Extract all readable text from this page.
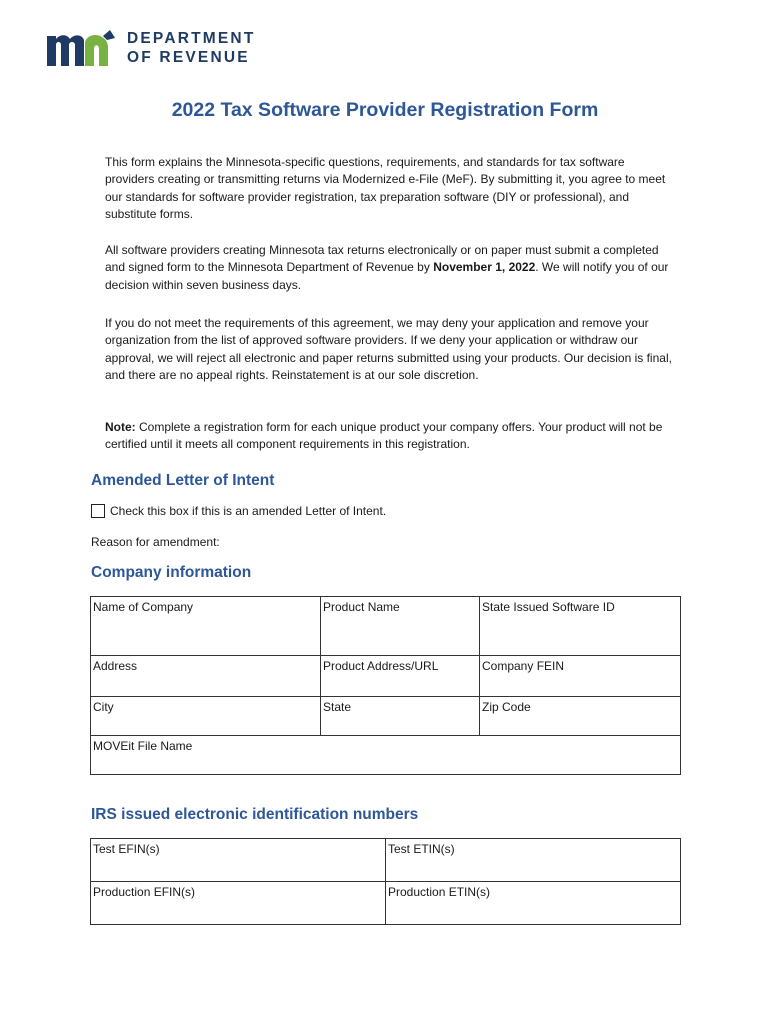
DEPARTMENT
OF REVENUE
2022 Tax Software Provider Registration Form

This form explains the Minnesota-specific questions, requirements, and standards for tax software providers creating or transmitting returns via Modernized e-File (MeF). By submitting it, you agree to meet our standards for software provider registration, tax preparation software (DIY or professional), and substitute forms.

All software providers creating Minnesota tax returns electronically or on paper must submit a completed and signed form to the Minnesota Department of Revenue by November 1, 2022. We will notify you of our decision within seven business days.

If you do not meet the requirements of this agreement, we may deny your application and remove your organization from the list of approved software providers. If we deny your application or withdraw our approval, we will reject all electronic and paper returns submitted using your products. Our decision is final, and there are no appeal rights. Reinstatement is at our sole discretion.

Note: Complete a registration form for each unique product your company offers. Your product will not be certified until it meets all component requirements in this registration.

Amended Letter of Intent
Check this box if this is an amended Letter of Intent.
Reason for amendment:
Company information
Name of Company	Product Name	State Issued Software ID

Address	Product Address/URL	Company FEIN

City	State	Zip Code

MOVEit File Name		
IRS issued electronic identification numbers
Test EFIN(s)	Test ETIN(s)

Production EFIN(s)	Production ETIN(s)
